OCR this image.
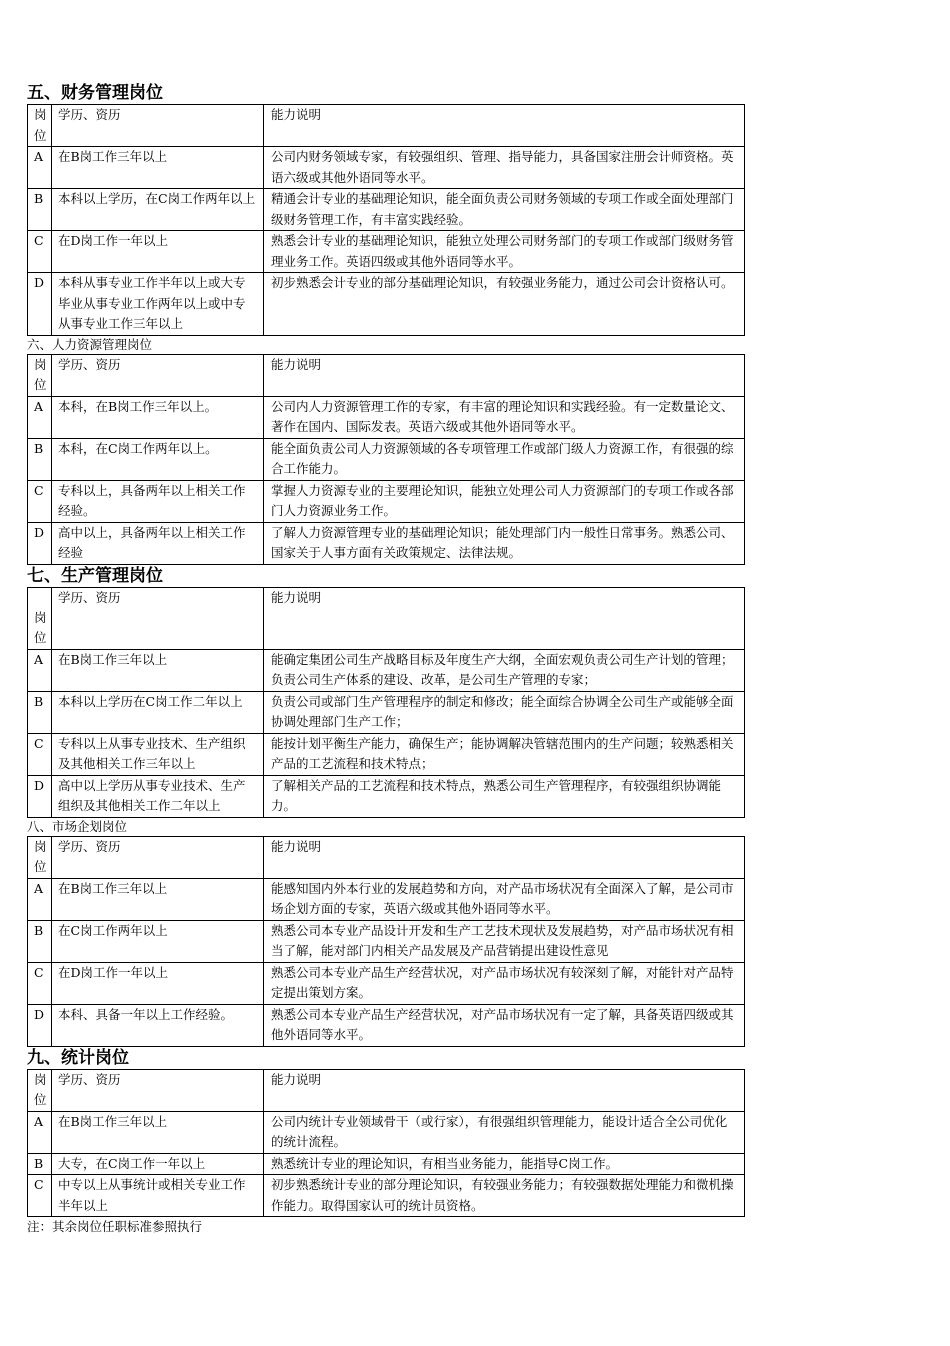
五、财务管理岗位
岗位	学历、资历	能力说明
A	在B岗工作三年以上	公司内财务领域专家，有较强组织、管理、指导能力，具备国家注册会计师资格。英语六级或其他外语同等水平。
B	本科以上学历，在C岗工作两年以上	精通会计专业的基础理论知识，能全面负责公司财务领域的专项工作或全面处理部门级财务管理工作，有丰富实践经验。
C	在D岗工作一年以上	熟悉会计专业的基础理论知识，能独立处理公司财务部门的专项工作或部门级财务管理业务工作。英语四级或其他外语同等水平。
D	本科从事专业工作半年以上或大专毕业从事专业工作两年以上或中专从事专业工作三年以上	初步熟悉会计专业的部分基础理论知识，有较强业务能力，通过公司会计资格认可。
六、人力资源管理岗位
岗位	学历、资历	能力说明
A	本科，在B岗工作三年以上。	公司内人力资源管理工作的专家，有丰富的理论知识和实践经验。有一定数量论文、著作在国内、国际发表。英语六级或其他外语同等水平。
B	本科，在C岗工作两年以上。	能全面负责公司人力资源领域的各专项管理工作或部门级人力资源工作，有很强的综合工作能力。
C	专科以上，具备两年以上相关工作经验。	掌握人力资源专业的主要理论知识，能独立处理公司人力资源部门的专项工作或各部门人力资源业务工作。
D	高中以上，具备两年以上相关工作经验	了解人力资源管理专业的基础理论知识；能处理部门内一般性日常事务。熟悉公司、国家关于人事方面有关政策规定、法律法规。
七、生产管理岗位
岗位	学历、资历	能力说明
A	在B岗工作三年以上	能确定集团公司生产战略目标及年度生产大纲，全面宏观负责公司生产计划的管理；负责公司生产体系的建设、改革，是公司生产管理的专家；
B	本科以上学历在C岗工作二年以上	负责公司或部门生产管理程序的制定和修改；能全面综合协调全公司生产或能够全面协调处理部门生产工作；
C	专科以上从事专业技术、生产组织及其他相关工作三年以上	能按计划平衡生产能力，确保生产；能协调解决管辖范围内的生产问题；较熟悉相关产品的工艺流程和技术特点；
D	高中以上学历从事专业技术、生产组织及其他相关工作二年以上	了解相关产品的工艺流程和技术特点，熟悉公司生产管理程序，有较强组织协调能力。
八、市场企划岗位
岗位	学历、资历	能力说明
A	在B岗工作三年以上	能感知国内外本行业的发展趋势和方向，对产品市场状况有全面深入了解，是公司市场企划方面的专家，英语六级或其他外语同等水平。
B	在C岗工作两年以上	熟悉公司本专业产品设计开发和生产工艺技术现状及发展趋势，对产品市场状况有相当了解，能对部门内相关产品发展及产品营销提出建设性意见
C	在D岗工作一年以上	熟悉公司本专业产品生产经营状况，对产品市场状况有较深刻了解，对能针对产品特定提出策划方案。
D	本科、具备一年以上工作经验。	熟悉公司本专业产品生产经营状况，对产品市场状况有一定了解，具备英语四级或其他外语同等水平。
九、统计岗位
岗位	学历、资历	能力说明
A	在B岗工作三年以上	公司内统计专业领域骨干（或行家），有很强组织管理能力，能设计适合全公司优化的统计流程。
B	大专，在C岗工作一年以上	熟悉统计专业的理论知识，有相当业务能力，能指导C岗工作。
C	中专以上从事统计或相关专业工作半年以上	初步熟悉统计专业的部分理论知识，有较强业务能力；有较强数据处理能力和微机操作能力。取得国家认可的统计员资格。

注：其余岗位任职标准参照执行
